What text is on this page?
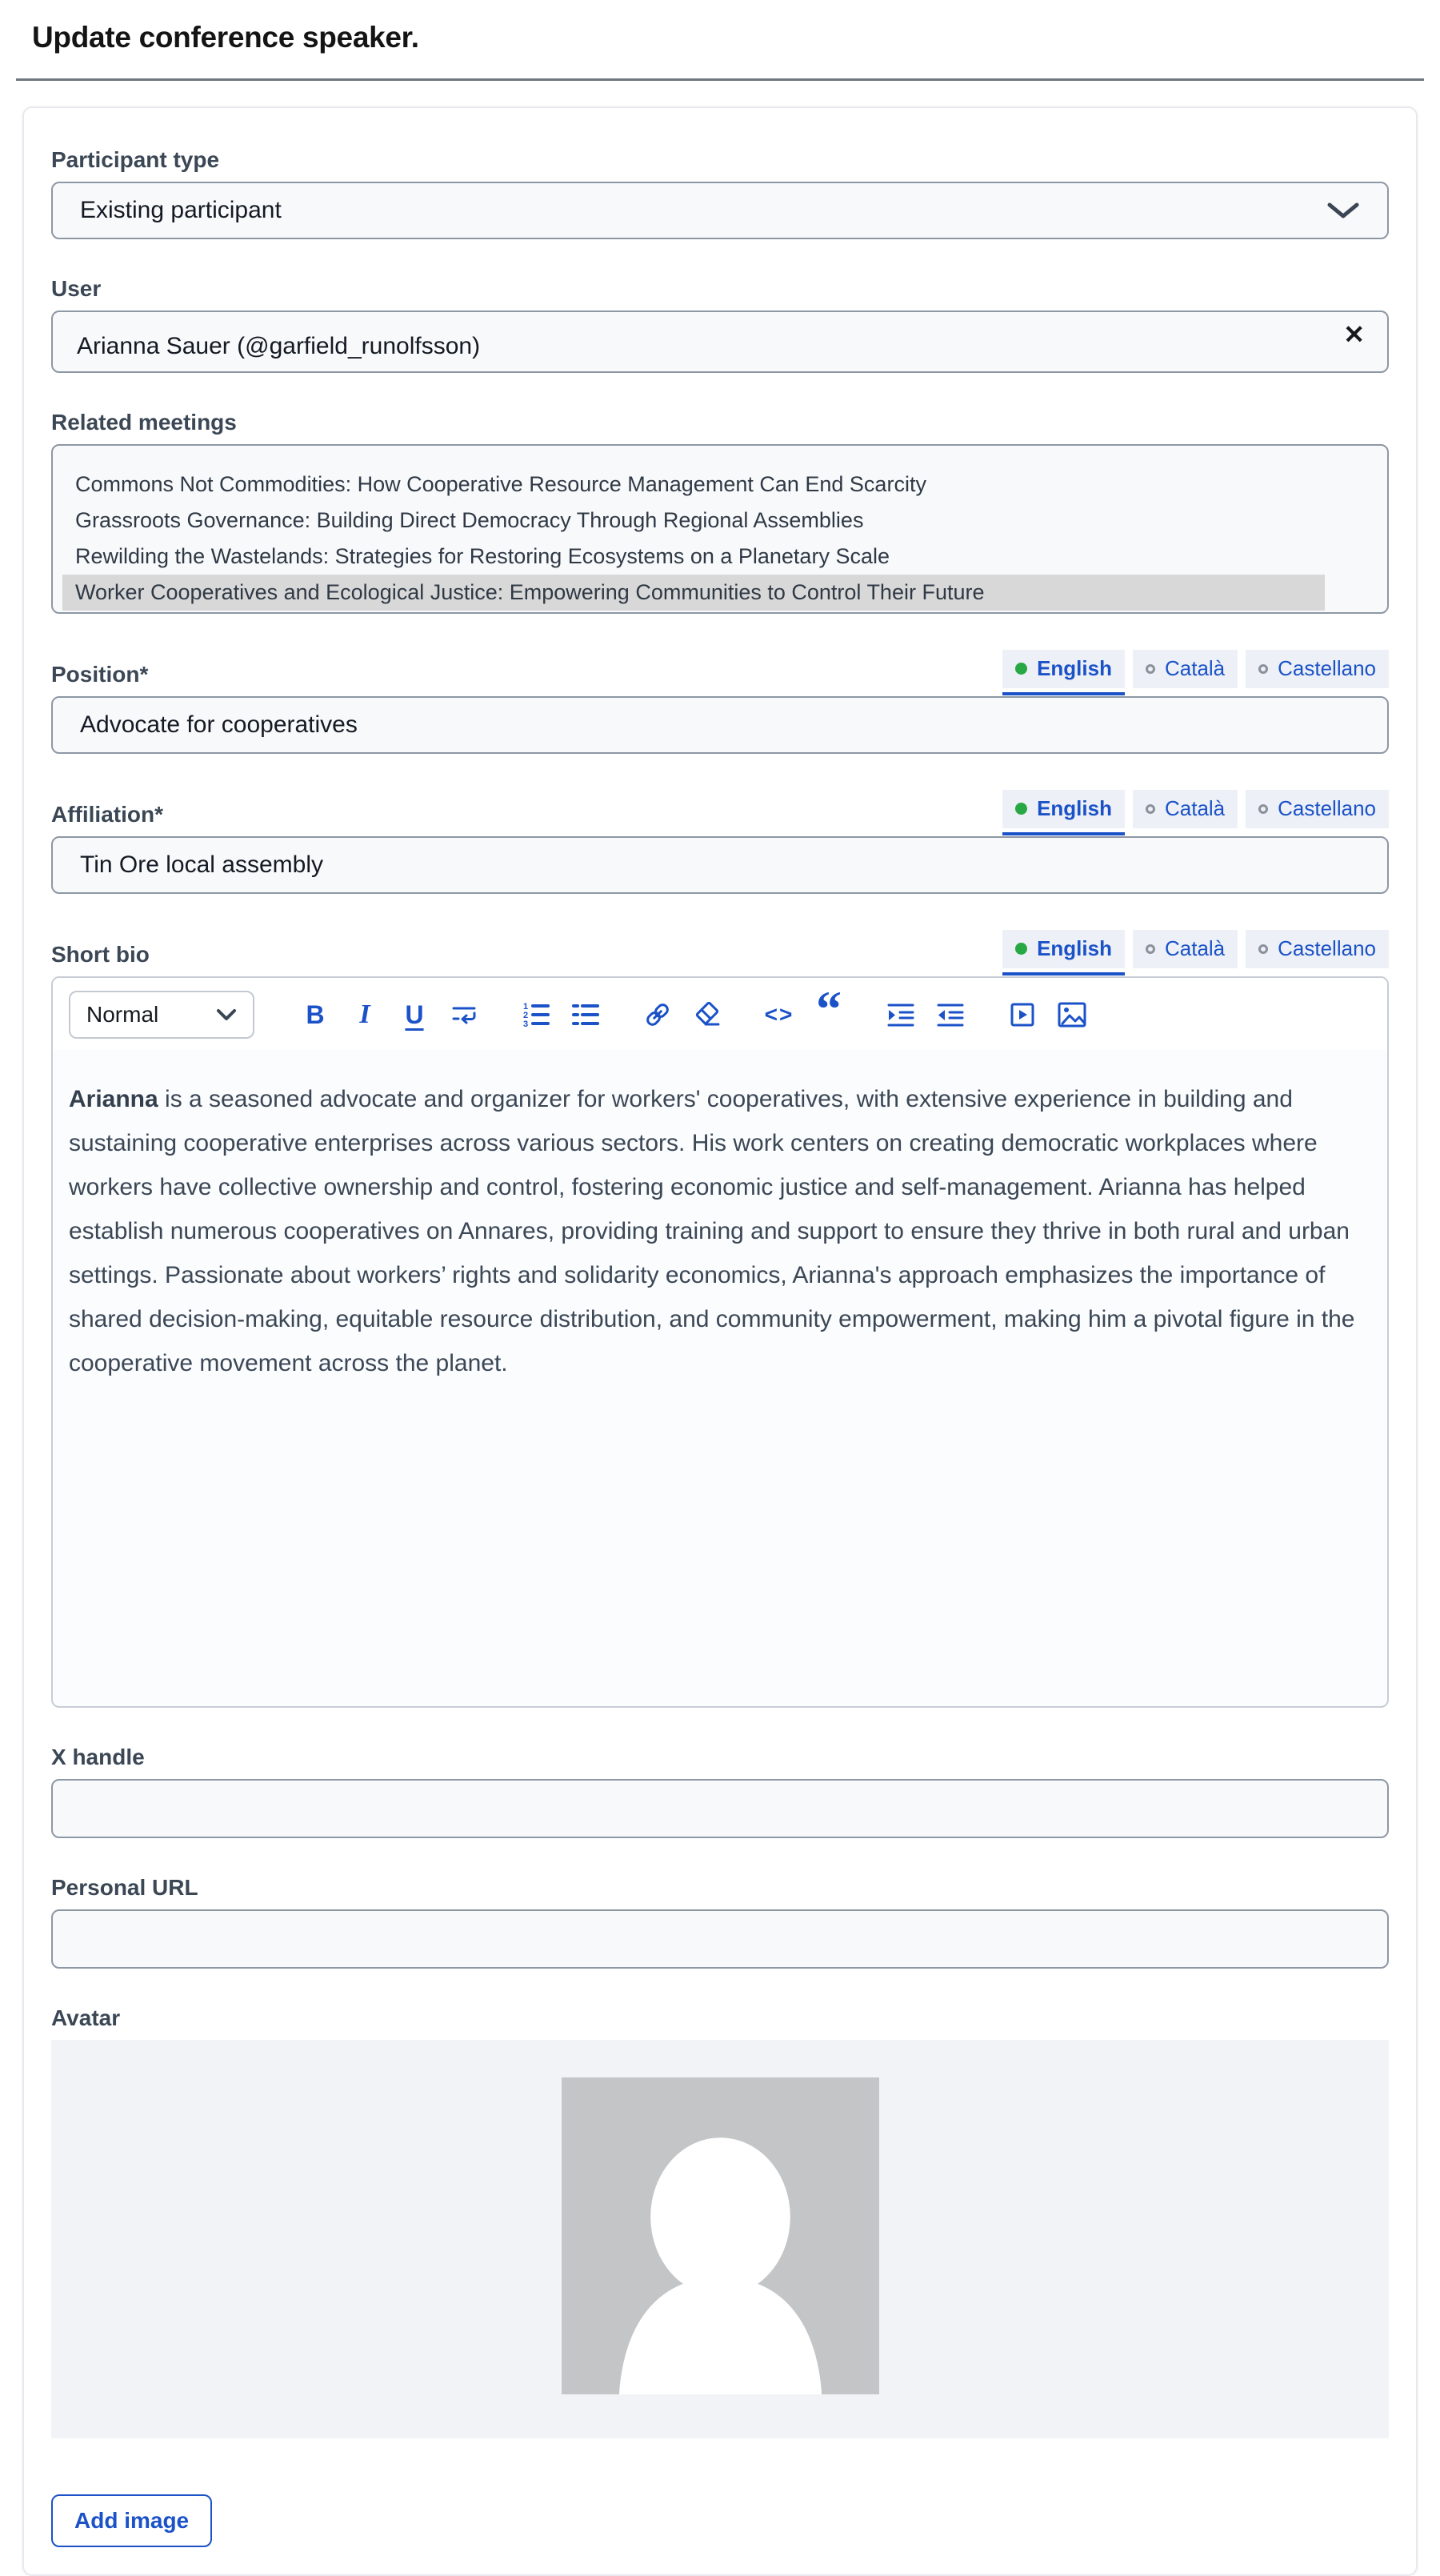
Update conference speaker.
Participant type
Existing participant
User
✕
Arianna Sauer (@garfield_runolfsson)
Related meetings
Commons Not Commodities: How Cooperative Resource Management Can End Scarcity
Grassroots Governance: Building Direct Democracy Through Regional Assemblies
Rewilding the Wastelands: Strategies for Restoring Ecosystems on a Planetary Scale
Worker Cooperatives and Ecological Justice: Empowering Communities to Control Their Future
Position*	English	Català	Castellano
Advocate for cooperatives
Affiliation*	English	Català	Castellano
Tin Ore local assembly
Short bio	English	Català	Castellano
Normal	B I U	1
2
3	<> “
Arianna is a seasoned advocate and organizer for workers' cooperatives, with extensive experience in building and sustaining cooperative enterprises across various sectors. His work centers on creating democratic workplaces where workers have collective ownership and control, fostering economic justice and self-management. Arianna has helped establish numerous cooperatives on Annares, providing training and support to ensure they thrive in both rural and urban settings. Passionate about workers’ rights and solidarity economics, Arianna's approach emphasizes the importance of shared decision-making, equitable resource distribution, and community empowerment, making him a pivotal figure in the cooperative movement across the planet.
X handle
Personal URL
Avatar
Add image
